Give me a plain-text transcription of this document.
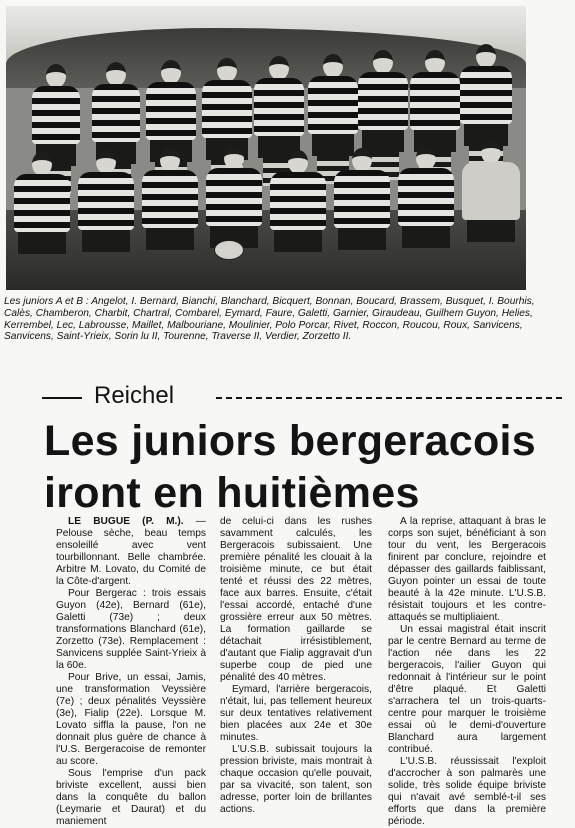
Les juniors A et B : Angelot, I. Bernard, Bianchi, Blanchard, Bicquert, Bonnan, Boucard, Brassem, Busquet, I. Bourhis, Calès, Chamberon, Charbit, Chartral, Combarel, Eymard, Faure, Galetti, Garnier, Giraudeau, Guilhem Guyon, Helies, Kerrembel, Lec, Labrousse, Maillet, Malbouriane, Moulinier, Polo Porcar, Rivet, Roccon, Roucou, Roux, Sanvicens, Sanvicens, Saint-Yrieix, Sorin lu II, Tourenne, Traverse II, Verdier, Zorzetto II.
Reichel
Les juniors bergeracois
iront en huitièmes

LE BUGUE (P. M.). — Pelouse sèche, beau temps ensoleillé avec vent tourbillonnant. Belle chambrée. Arbitre M. Lovato, du Comité de la Côte-d'argent.

Pour Bergerac : trois essais Guyon (42e), Bernard (61e), Galetti (73e) ; deux transformations Blanchard (61e), Zorzetto (73e). Remplacement : Sanvicens supplée Saint-Yrieix à la 60e.

Pour Brive, un essai, Jamis, une transformation Veyssière (7e) ; deux pénalités Veyssière (3e), Fialip (22e). Lorsque M. Lovato siffla la pause, l'on ne donnait plus guère de chance à l'U.S. Bergeracoise de remonter au score.

Sous l'emprise d'un pack briviste excellent, aussi bien dans la conquête du ballon (Leymarie et Daurat) et du maniement

de celui-ci dans les rushes savamment calculés, les Bergeracois subissaient. Une première pénalité les clouait à la troisième minute, ce but était tenté et réussi des 22 mètres, face aux barres. Ensuite, c'était l'essai accordé, entaché d'une grossière erreur aux 50 mètres. La formation gaillarde se détachait irrésistiblement, d'autant que Fialip aggravait d'un superbe coup de pied une pénalité des 40 mètres.

Eymard, l'arrière bergeracois, n'était, lui, pas tellement heureux sur deux tentatives relativement bien placées aux 24e et 30e minutes.

L'U.S.B. subissait toujours la pression briviste, mais montrait à chaque occasion qu'elle pouvait, par sa vivacité, son talent, son adresse, porter loin de brillantes actions.

A la reprise, attaquant à bras le corps son sujet, bénéficiant à son tour du vent, les Bergeracois finirent par conclure, rejoindre et dépasser des gaillards faiblissant, Guyon pointer un essai de toute beauté à la 42e minute. L'U.S.B. résistait toujours et les contre-attaqués se multipliaient.

Un essai magistral était inscrit par le centre Bernard au terme de l'action née dans les 22 bergeracois, l'ailier Guyon qui redonnait à l'intérieur sur le point d'être plaqué. Et Galetti s'arrachera tel un trois-quarts-centre pour marquer le troisième essai où le demi-d'ouverture Blanchard aura largement contribué.

L'U.S.B. réussissait l'exploit d'accrocher à son palmarès une solide, très solide équipe briviste qui n'avait avé semblé-t-il ses efforts que dans la première période.
